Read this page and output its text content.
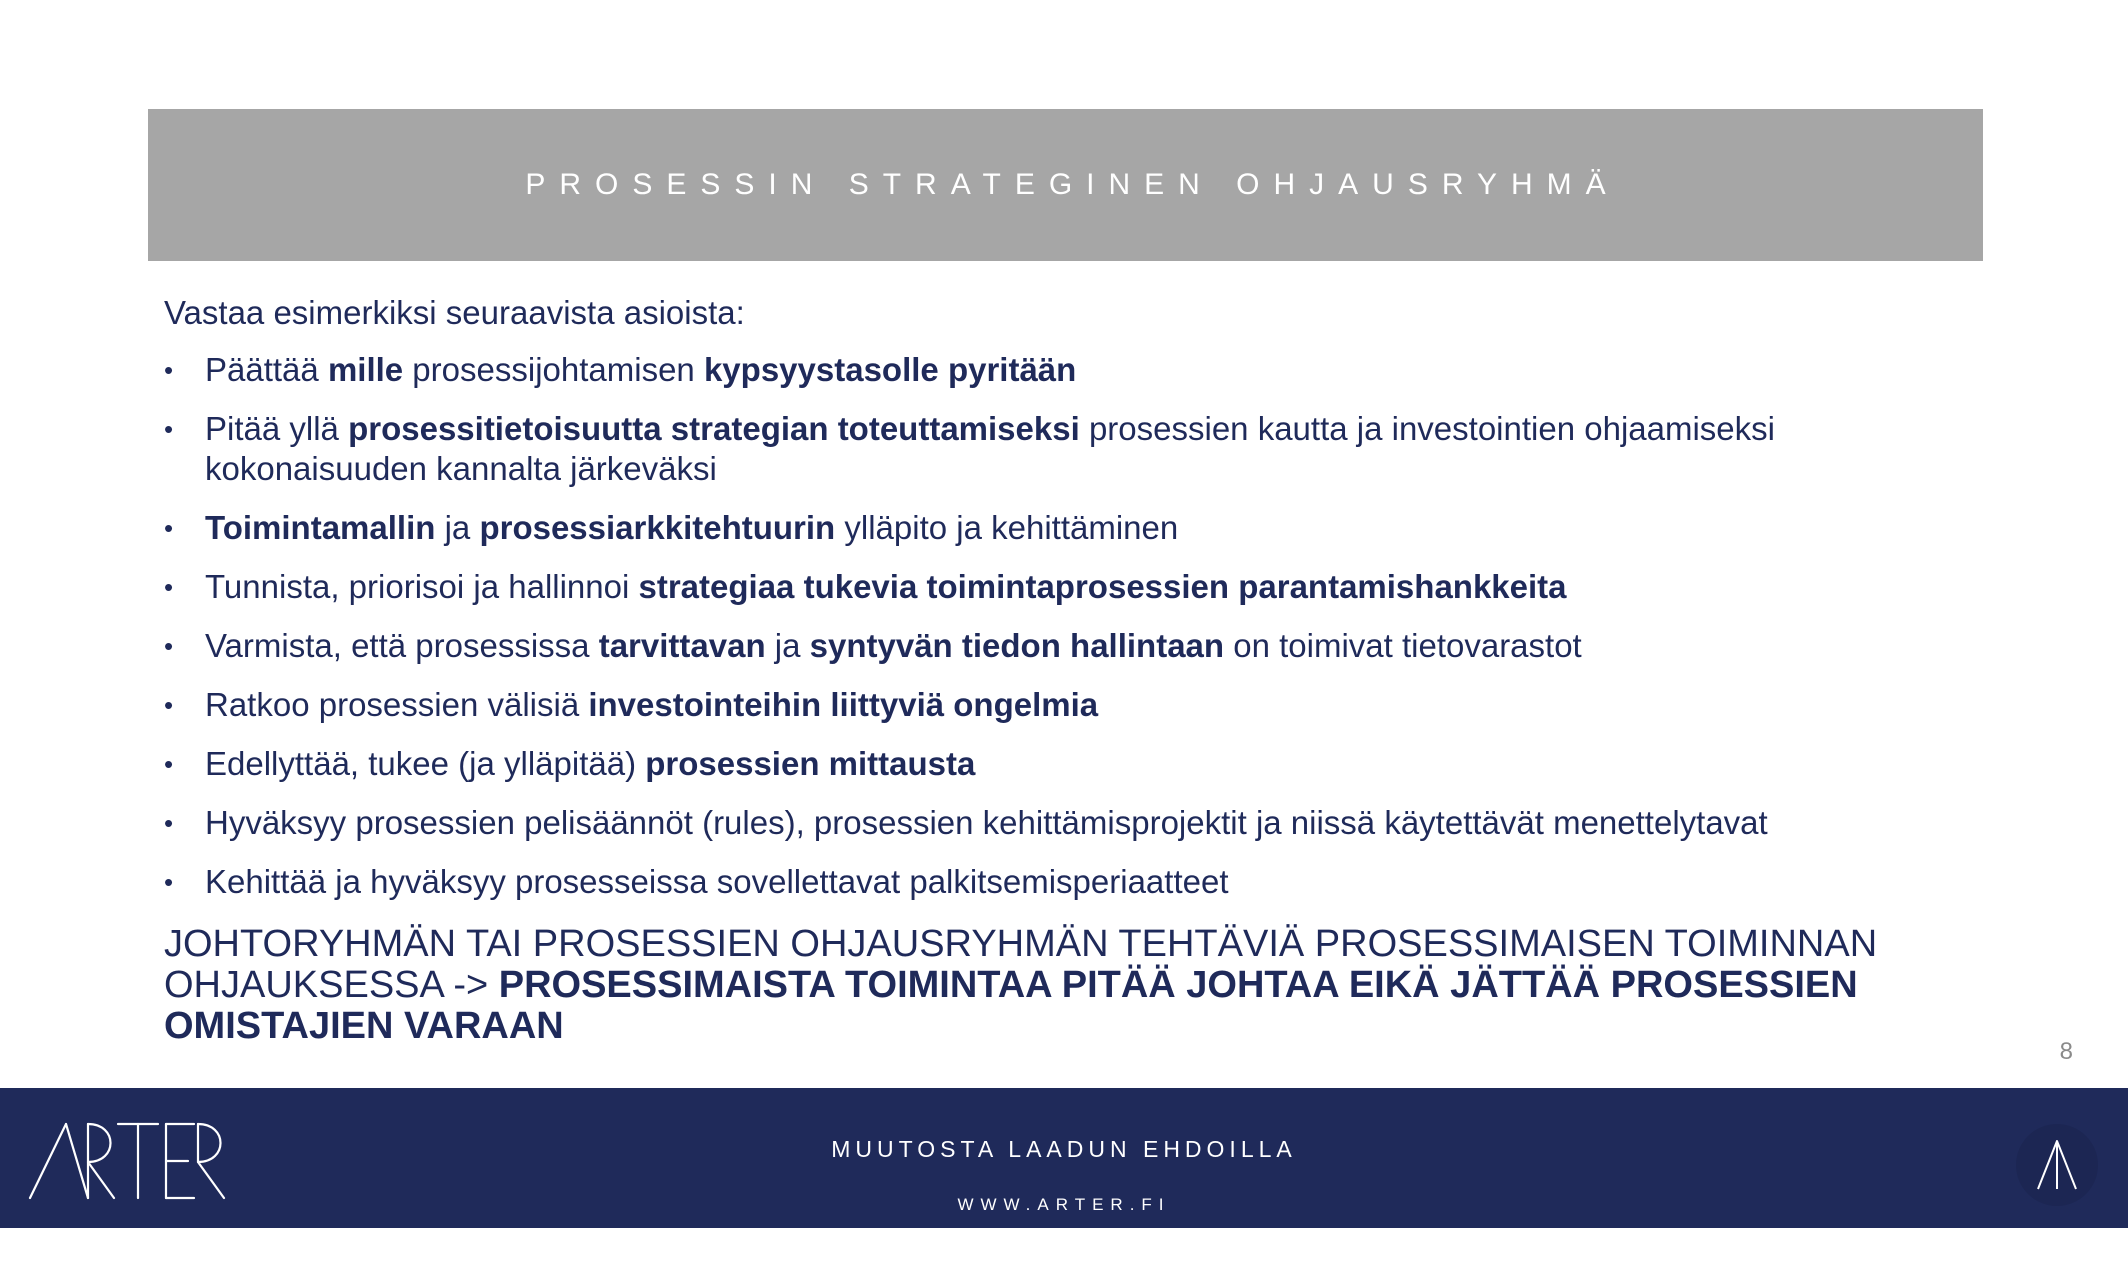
PROSESSIN STRATEGINEN OHJAUSRYHMÄ

Vastaa esimerkiksi seuraavista asioista:

• Päättää mille prosessijohtamisen kypsyystasolle pyritään
• Pitää yllä prosessitietoisuutta strategian toteuttamiseksi prosessien kautta ja investointien ohjaamiseksi kokonaisuuden kannalta järkeväksi
• Toimintamallin ja prosessiarkkitehtuurin ylläpito ja kehittäminen
• Tunnista, priorisoi ja hallinnoi strategiaa tukevia toimintaprosessien parantamishankkeita
• Varmista, että prosessissa tarvittavan ja syntyvän tiedon hallintaan on toimivat tietovarastot
• Ratkoo prosessien välisiä investointeihin liittyviä ongelmia
• Edellyttää, tukee (ja ylläpitää) prosessien mittausta
• Hyväksyy prosessien pelisäännöt (rules), prosessien kehittämisprojektit ja niissä käytettävät menettelytavat
• Kehittää ja hyväksyy prosesseissa sovellettavat palkitsemisperiaatteet
JOHTORYHMÄN TAI PROSESSIEN OHJAUSRYHMÄN TEHTÄVIÄ PROSESSIMAISEN TOIMINNAN OHJAUKSESSA -> PROSESSIMAISTA TOIMINTAA PITÄÄ JOHTAA EIKÄ JÄTTÄÄ PROSESSIEN OMISTAJIEN VARAAN
8
ARTER
MUUTOSTA LAADUN EHDOILLA
WWW.ARTER.FI
